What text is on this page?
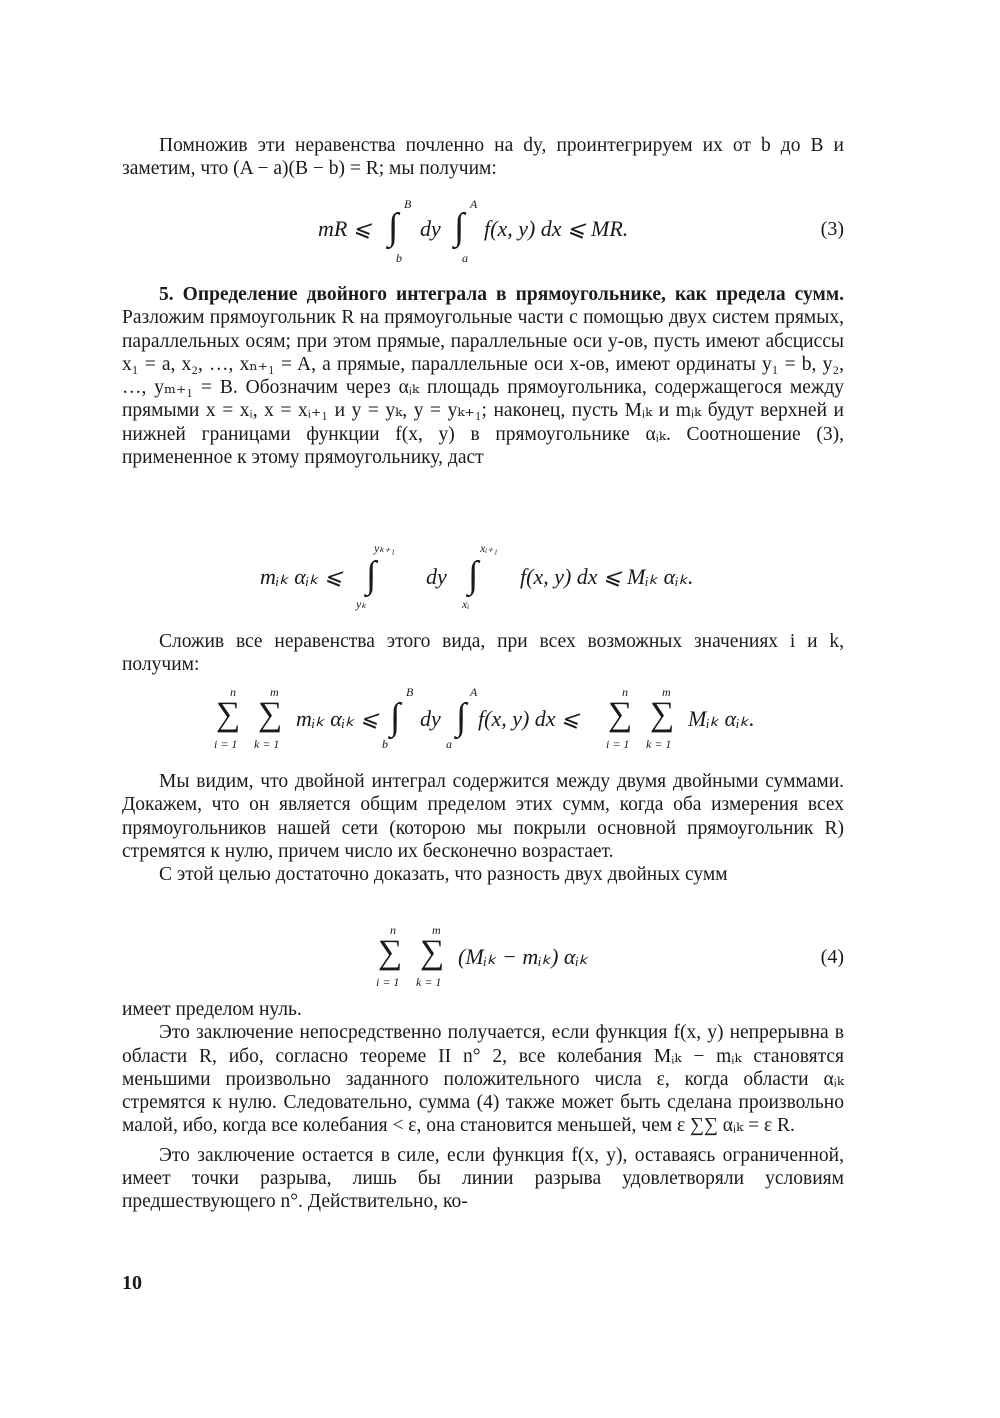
Помножив эти неравенства почленно на dy, проинтегрируем их от b до B и заметим, что (A − a)(B − b) = R; мы получим:

mR ⩽ ∫
B
b
dy ∫
A
a
f(x, y) dx ⩽ MR.	(3)

5. Определение двойного интеграла в прямоугольнике, как предела сумм. Разложим прямоугольник R на прямоугольные части с помощью двух систем прямых, параллельных осям; при этом прямые, параллельные оси y-ов, пусть имеют абсциссы x₁ = a, x₂, …, xₙ₊₁ = A, а прямые, параллельные оси x-ов, имеют ординаты y₁ = b, y₂, …, yₘ₊₁ = B. Обозначим через αᵢₖ площадь прямоугольника, содержащегося между прямыми x = xᵢ, x = xᵢ₊₁ и y = yₖ, y = yₖ₊₁; наконец, пусть Mᵢₖ и mᵢₖ будут верхней и нижней границами функции f(x, y) в прямоугольнике αᵢₖ. Соотношение (3), примененное к этому прямоугольнику, даст

mᵢₖ αᵢₖ ⩽ ∫
yₖ₊₁
yₖ
dy ∫
xᵢ₊₁
xᵢ
f(x, y) dx ⩽ Mᵢₖ αᵢₖ.

Сложив все неравенства этого вида, при всех возможных значениях i и k, получим:

n
∑
i = 1
m
∑
k = 1
mᵢₖ αᵢₖ ⩽ ∫
B
b
dy ∫
A
a
f(x, y) dx ⩽
n
∑
i = 1
m
∑
k = 1
Mᵢₖ αᵢₖ.

Мы видим, что двойной интеграл содержится между двумя двойными суммами. Докажем, что он является общим пределом этих сумм, когда оба измерения всех прямоугольников нашей сети (которою мы покрыли основной прямоугольник R) стремятся к нулю, причем число их бесконечно возрастает.

С этой целью достаточно доказать, что разность двух двойных сумм

n
∑
i = 1
m
∑
k = 1
(Mᵢₖ − mᵢₖ) αᵢₖ	(4)

имеет пределом нуль.

Это заключение непосредственно получается, если функция f(x, y) непрерывна в области R, ибо, согласно теореме II n° 2, все колебания Mᵢₖ − mᵢₖ становятся меньшими произвольно заданного положительного числа ε, когда области αᵢₖ стремятся к нулю. Следовательно, сумма (4) также может быть сделана произвольно малой, ибо, когда все колебания < ε, она становится меньшей, чем ε ∑∑ αᵢₖ = ε R.

Это заключение остается в силе, если функция f(x, y), оставаясь ограниченной, имеет точки разрыва, лишь бы линии разрыва удовлетворяли условиям предшествующего n°. Действительно, ко-

10
